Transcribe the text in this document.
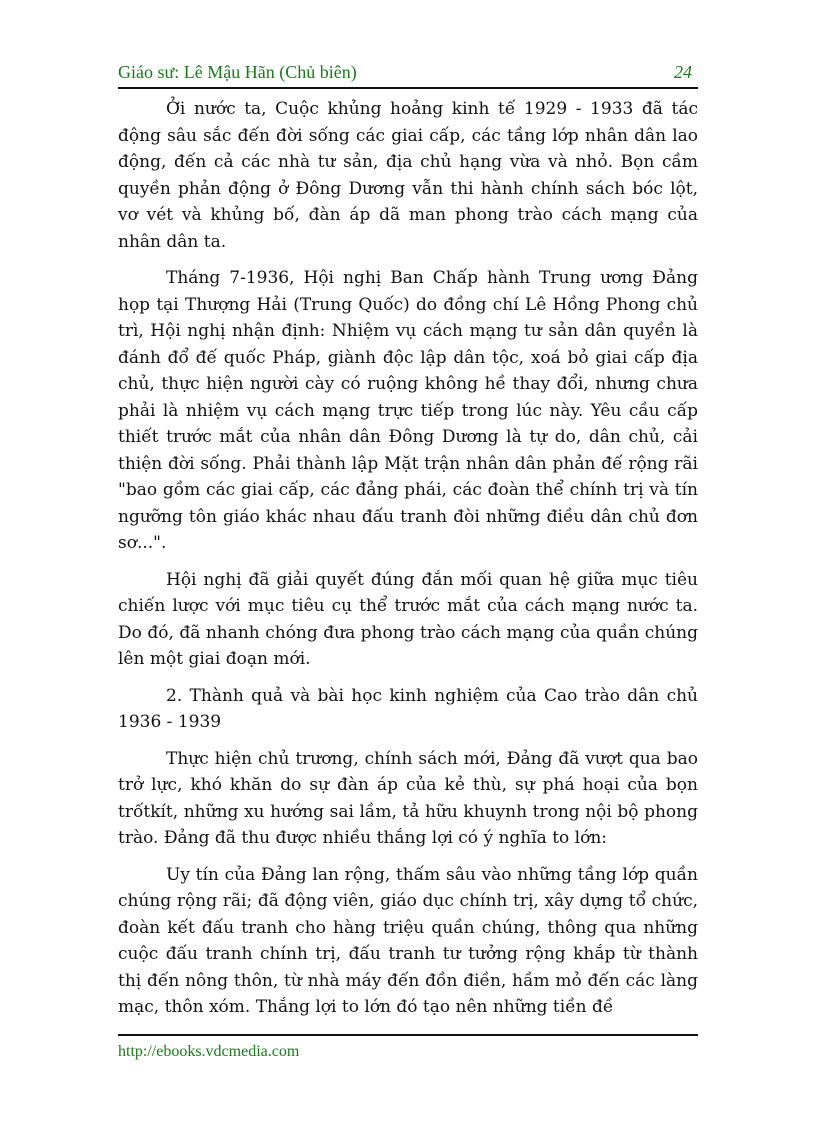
Giáo sư: Lê Mậu Hãn (Chủ biên)	24

Ởi nước ta, Cuộc khủng hoảng kinh tế 1929 - 1933 đã tác động sâu sắc đến đời sống các giai cấp, các tầng lớp nhân dân lao động, đến cả các nhà tư sản, địa chủ hạng vừa và nhỏ. Bọn cầm quyền phản động ở Đông Dương vẫn thi hành chính sách bóc lột, vơ vét và khủng bố, đàn áp dã man phong trào cách mạng của nhân dân ta.

Tháng 7-1936, Hội nghị Ban Chấp hành Trung ương Đảng họp tại Thượng Hải (Trung Quốc) do đồng chí Lê Hồng Phong chủ trì, Hội nghị nhận định: Nhiệm vụ cách mạng tư sản dân quyền là đánh đổ đế quốc Pháp, giành độc lập dân tộc, xoá bỏ giai cấp địa chủ, thực hiện người cày có ruộng không hề thay đổi, nhưng chưa phải là nhiệm vụ cách mạng trực tiếp trong lúc này. Yêu cầu cấp thiết trước mắt của nhân dân Đông Dương là tự do, dân chủ, cải thiện đời sống. Phải thành lập Mặt trận nhân dân phản đế rộng rãi "bao gồm các giai cấp, các đảng phái, các đoàn thể chính trị và tín ngưỡng tôn giáo khác nhau đấu tranh đòi những điều dân chủ đơn sơ...".

Hội nghị đã giải quyết đúng đắn mối quan hệ giữa mục tiêu chiến lược với mục tiêu cụ thể trước mắt của cách mạng nước ta. Do đó, đã nhanh chóng đưa phong trào cách mạng của quần chúng lên một giai đoạn mới.

2. Thành quả và bài học kinh nghiệm của Cao trào dân chủ 1936 - 1939

Thực hiện chủ trương, chính sách mới, Đảng đã vượt qua bao trở lực, khó khăn do sự đàn áp của kẻ thù, sự phá hoại của bọn trốtkít, những xu hướng sai lầm, tả hữu khuynh trong nội bộ phong trào. Đảng đã thu được nhiều thắng lợi có ý nghĩa to lớn:

Uy tín của Đảng lan rộng, thấm sâu vào những tầng lớp quần chúng rộng rãi; đã động viên, giáo dục chính trị, xây dựng tổ chức, đoàn kết đấu tranh cho hàng triệu quần chúng, thông qua những cuộc đấu tranh chính trị, đấu tranh tư tưởng rộng khắp từ thành thị đến nông thôn, từ nhà máy đến đồn điền, hầm mỏ đến các làng mạc, thôn xóm. Thắng lợi to lớn đó tạo nên những tiền đề

http://ebooks.vdcmedia.com
